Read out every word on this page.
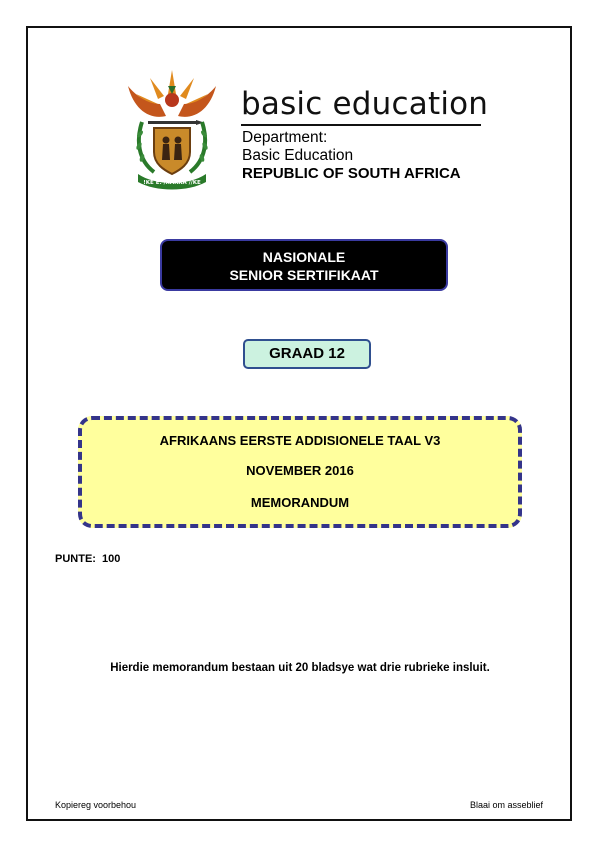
!KE E: /XARRA //KE
basic education
Department:
Basic Education
REPUBLIC OF SOUTH AFRICA
NASIONALE
SENIOR SERTIFIKAAT
GRAAD 12
AFRIKAANS EERSTE ADDISIONELE TAAL V3
NOVEMBER 2016
MEMORANDUM
PUNTE:  100
Hierdie memorandum bestaan uit 20 bladsye wat drie rubrieke insluit.
Kopiereg voorbehou	Blaai om asseblief
